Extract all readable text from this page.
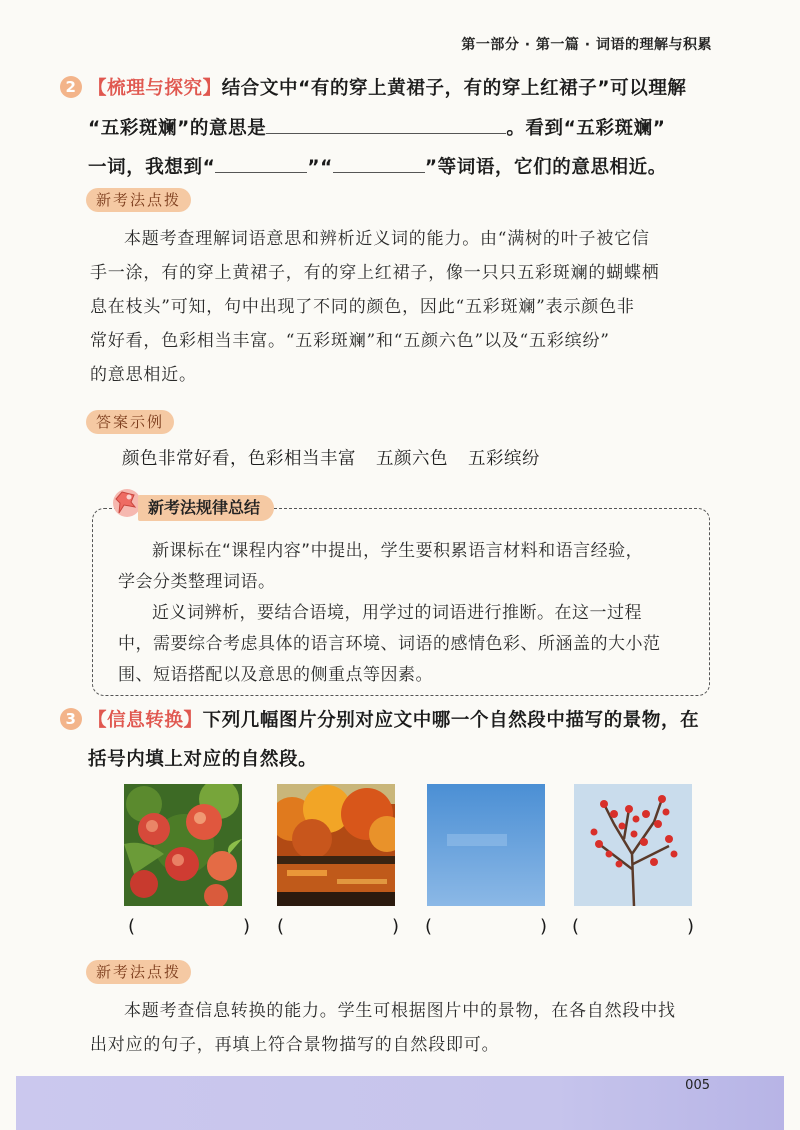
第一部分 · 第一篇 · 词语的理解与积累
2 【梳理与探究】结合文中“有的穿上黄裙子，有的穿上红裙子”可以理解
“五彩斑斓”的意思是	。看到“五彩斑斓”
一词，我想到“	”“	”等词语，它们的意思相近。
新考法点拨
本题考查理解词语意思和辨析近义词的能力。由“满树的叶子被它信
手一涂，有的穿上黄裙子，有的穿上红裙子，像一只只五彩斑斓的蝴蝶栖
息在枝头”可知，句中出现了不同的颜色，因此“五彩斑斓”表示颜色非
常好看，色彩相当丰富。“五彩斑斓”和“五颜六色”以及“五彩缤纷”
的意思相近。
答案示例
颜色非常好看，色彩相当丰富 五颜六色 五彩缤纷
新考法规律总结
新课标在“课程内容”中提出，学生要积累语言材料和语言经验，
学会分类整理词语。
近义词辨析，要结合语境，用学过的词语进行推断。在这一过程
中，需要综合考虑具体的语言环境、词语的感情色彩、所涵盖的大小范
围、短语搭配以及意思的侧重点等因素。
3 【信息转换】下列几幅图片分别对应文中哪一个自然段中描写的景物，在
括号内填上对应的自然段。
(	) (	) (	) (	)
新考法点拨
本题考查信息转换的能力。学生可根据图片中的景物，在各自然段中找
出对应的句子，再填上符合景物描写的自然段即可。
005
